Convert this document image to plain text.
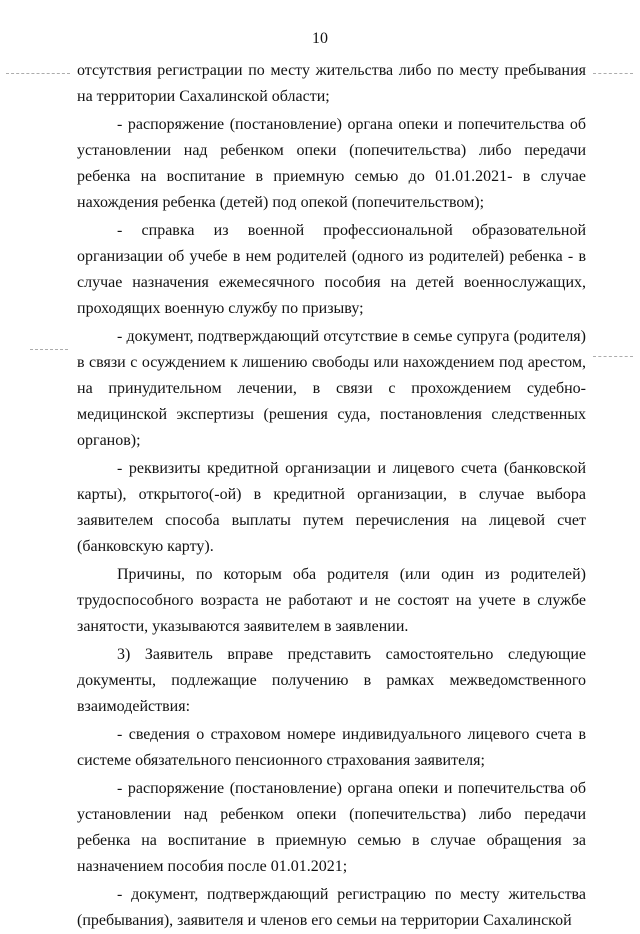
10

отсутствия регистрации по месту жительства либо по месту пребывания на территории Сахалинской области;

- распоряжение (постановление) органа опеки и попечительства об установлении над ребенком опеки (попечительства) либо передачи ребенка на воспитание в приемную семью до 01.01.2021- в случае нахождения ребенка (детей) под опекой (попечительством);

- справка из военной профессиональной образовательной организации об учебе в нем родителей (одного из родителей) ребенка - в случае назначения ежемесячного пособия на детей военнослужащих, проходящих военную службу по призыву;

- документ, подтверждающий отсутствие в семье супруга (родителя) в связи с осуждением к лишению свободы или нахождением под арестом, на принудительном лечении, в связи с прохождением судебно-медицинской экспертизы (решения суда, постановления следственных органов);

- реквизиты кредитной организации и лицевого счета (банковской карты), открытого(-ой) в кредитной организации, в случае выбора заявителем способа выплаты путем перечисления на лицевой счет (банковскую карту).

Причины, по которым оба родителя (или один из родителей) трудоспособного возраста не работают и не состоят на учете в службе занятости, указываются заявителем в заявлении.

3) Заявитель вправе представить самостоятельно следующие документы, подлежащие получению в рамках межведомственного взаимодействия:

- сведения о страховом номере индивидуального лицевого счета в системе обязательного пенсионного страхования заявителя;

- распоряжение (постановление) органа опеки и попечительства об установлении над ребенком опеки (попечительства) либо передачи ребенка на воспитание в приемную семью в случае обращения за назначением пособия после 01.01.2021;

- документ, подтверждающий регистрацию по месту жительства (пребывания), заявителя и членов его семьи на территории Сахалинской
